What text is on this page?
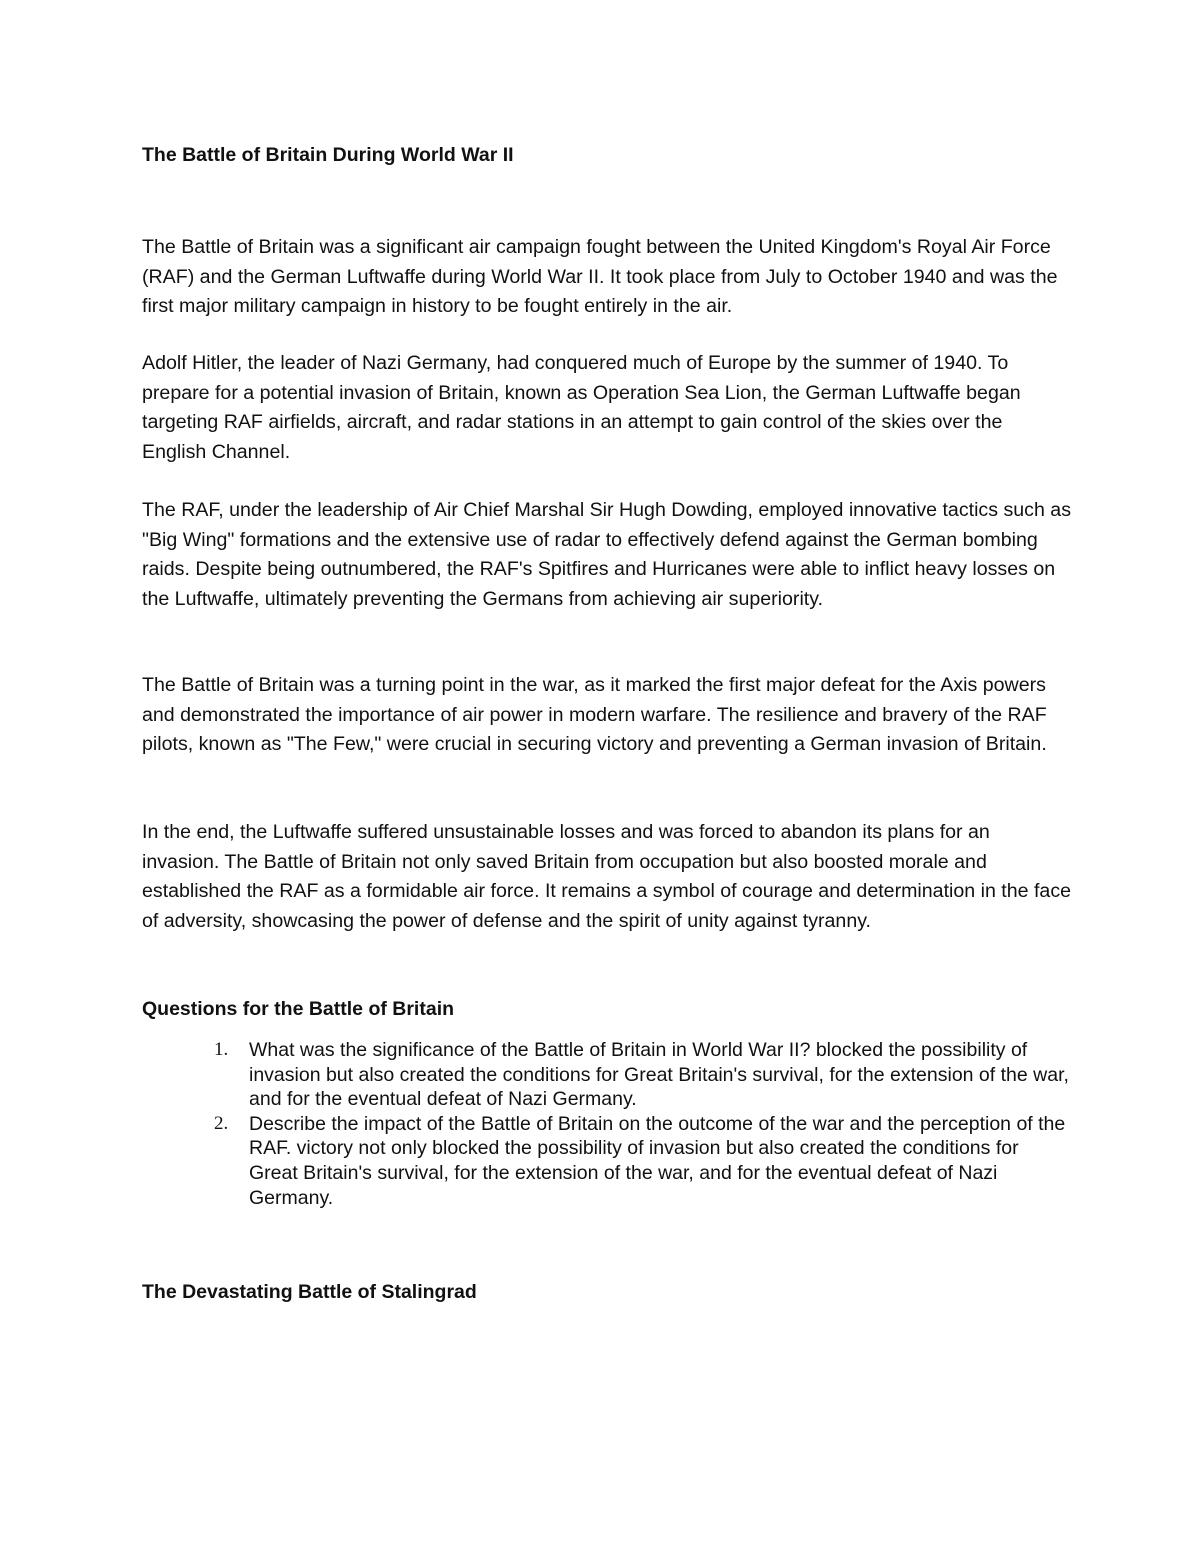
The Battle of Britain During World War II

The Battle of Britain was a significant air campaign fought between the United Kingdom's Royal Air Force (RAF) and the German Luftwaffe during World War II. It took place from July to October 1940 and was the first major military campaign in history to be fought entirely in the air.

Adolf Hitler, the leader of Nazi Germany, had conquered much of Europe by the summer of 1940. To prepare for a potential invasion of Britain, known as Operation Sea Lion, the German Luftwaffe began targeting RAF airfields, aircraft, and radar stations in an attempt to gain control of the skies over the English Channel.

The RAF, under the leadership of Air Chief Marshal Sir Hugh Dowding, employed innovative tactics such as "Big Wing" formations and the extensive use of radar to effectively defend against the German bombing raids. Despite being outnumbered, the RAF's Spitfires and Hurricanes were able to inflict heavy losses on the Luftwaffe, ultimately preventing the Germans from achieving air superiority.

The Battle of Britain was a turning point in the war, as it marked the first major defeat for the Axis powers and demonstrated the importance of air power in modern warfare. The resilience and bravery of the RAF pilots, known as "The Few," were crucial in securing victory and preventing a German invasion of Britain.

In the end, the Luftwaffe suffered unsustainable losses and was forced to abandon its plans for an invasion. The Battle of Britain not only saved Britain from occupation but also boosted morale and established the RAF as a formidable air force. It remains a symbol of courage and determination in the face of adversity, showcasing the power of defense and the spirit of unity against tyranny.

Questions for the Battle of Britain
1. What was the significance of the Battle of Britain in World War II? blocked the possibility of invasion but also created the conditions for Great Britain's survival, for the extension of the war, and for the eventual defeat of Nazi Germany.
2. Describe the impact of the Battle of Britain on the outcome of the war and the perception of the RAF. victory not only blocked the possibility of invasion but also created the conditions for Great Britain's survival, for the extension of the war, and for the eventual defeat of Nazi Germany.
The Devastating Battle of Stalingrad
